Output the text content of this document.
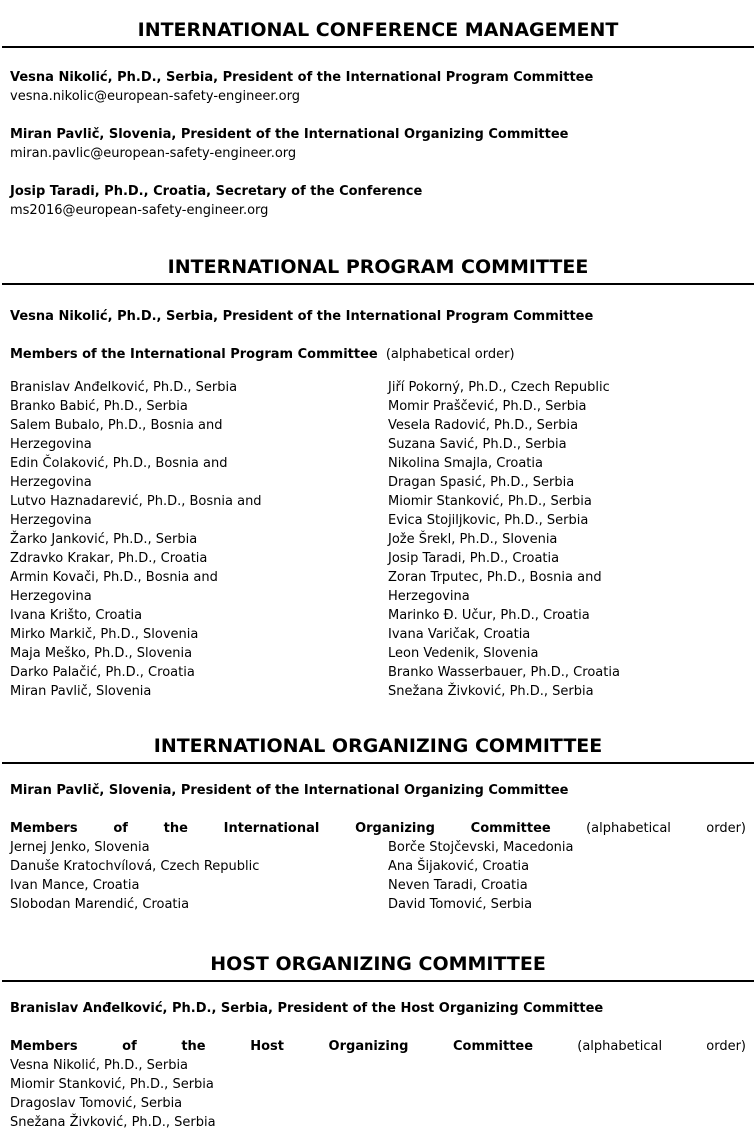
INTERNATIONAL CONFERENCE MANAGEMENT
Vesna Nikolić, Ph.D., Serbia, President of the International Program Committee
vesna.nikolic@european-safety-engineer.org
Miran Pavlič, Slovenia, President of the International Organizing Committee
miran.pavlic@european-safety-engineer.org
Josip Taradi, Ph.D., Croatia, Secretary of the Conference
ms2016@european-safety-engineer.org
INTERNATIONAL PROGRAM COMMITTEE
Vesna Nikolić, Ph.D., Serbia, President of the International Program Committee
Members of the International Program Committee (alphabetical order)
Branislav Anđelković, Ph.D., Serbia
Branko Babić, Ph.D., Serbia
Salem Bubalo, Ph.D., Bosnia and Herzegovina
Edin Čolaković, Ph.D., Bosnia and Herzegovina
Lutvo Haznadarević, Ph.D., Bosnia and Herzegovina
Žarko Janković, Ph.D., Serbia
Zdravko Krakar, Ph.D., Croatia
Armin Kovači, Ph.D., Bosnia and Herzegovina
Ivana Krišto, Croatia
Mirko Markič, Ph.D., Slovenia
Maja Meško, Ph.D., Slovenia
Darko Palačić, Ph.D., Croatia
Miran Pavlič, Slovenia
Jiří Pokorný, Ph.D., Czech Republic
Momir Praščević, Ph.D., Serbia
Vesela Radović, Ph.D., Serbia
Suzana Savić, Ph.D., Serbia
Nikolina Smajla, Croatia
Dragan Spasić, Ph.D., Serbia
Miomir Stanković, Ph.D., Serbia
Evica Stojiljkovic, Ph.D., Serbia
Jože Šrekl, Ph.D., Slovenia
Josip Taradi, Ph.D., Croatia
Zoran Trputec, Ph.D., Bosnia and Herzegovina
Marinko Đ. Učur, Ph.D., Croatia
Ivana Varičak, Croatia
Leon Vedenik, Slovenia
Branko Wasserbauer, Ph.D., Croatia
Snežana Živković, Ph.D., Serbia
INTERNATIONAL ORGANIZING COMMITTEE
Miran Pavlič, Slovenia, President of the International Organizing Committee
Members of the International Organizing Committee	(alphabetical order)
Jernej Jenko, Slovenia
Danuše Kratochvílová, Czech Republic
Ivan Mance, Croatia
Slobodan Marendić, Croatia
Borče Stojčevski, Macedonia
Ana Šijaković, Croatia
Neven Taradi, Croatia
David Tomović, Serbia
HOST ORGANIZING COMMITTEE
Branislav Anđelković, Ph.D., Serbia, President of the Host Organizing Committee
Members of the Host Organizing Committee	(alphabetical order)
Vesna Nikolić, Ph.D., Serbia
Miomir Stanković, Ph.D., Serbia
Dragoslav Tomović, Serbia
Snežana Živković, Ph.D., Serbia
